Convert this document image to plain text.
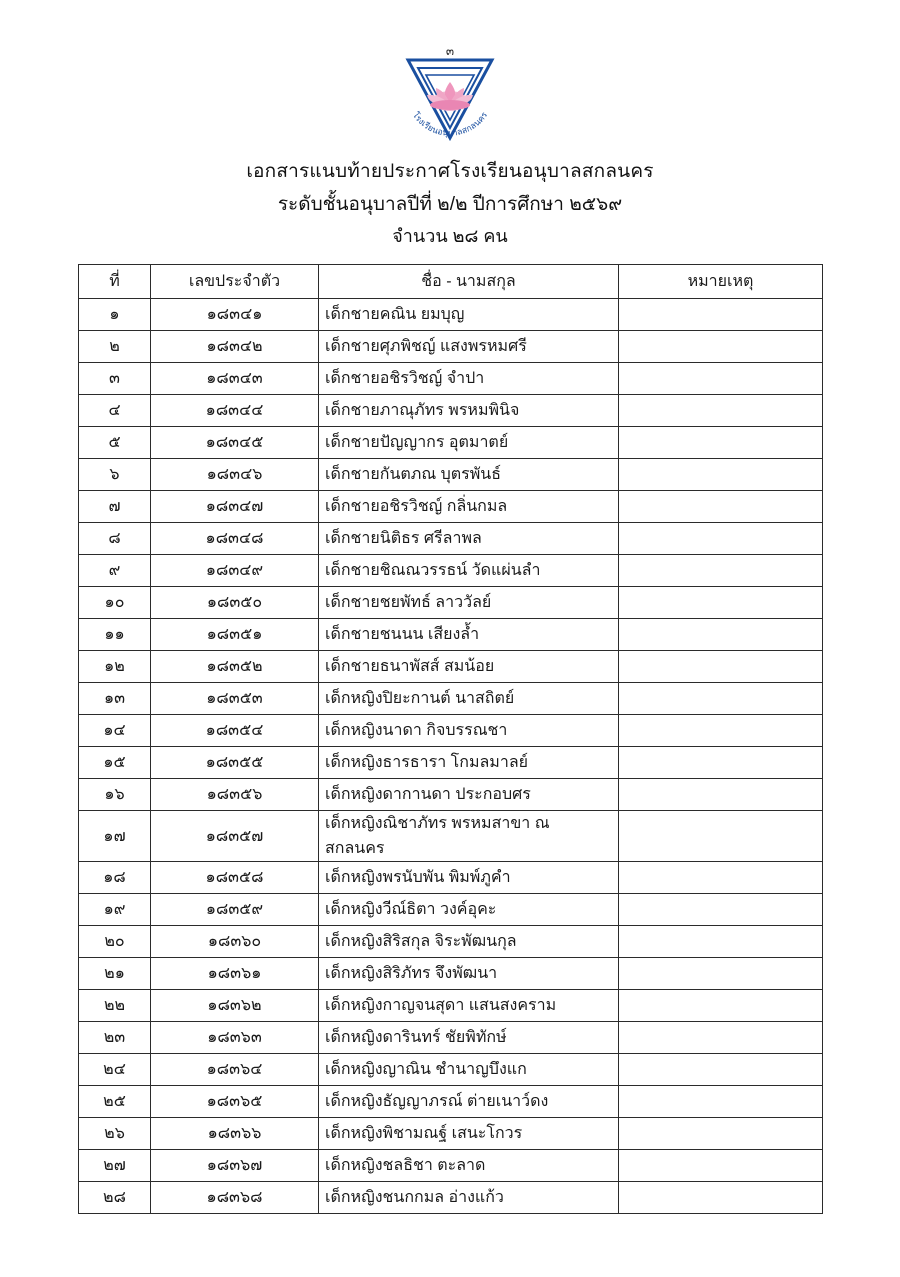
๓
โรงเรียนอนุบาลสกลนคร
เอกสารแนบท้ายประกาศโรงเรียนอนุบาลสกลนคร
ระดับชั้นอนุบาลปีที่ ๒/๒ ปีการศึกษา ๒๕๖๙
จำนวน ๒๘ คน
ที่	เลขประจำตัว	ชื่อ - นามสกุล	หมายเหตุ
๑	๑๘๓๔๑	เด็กชายคณิน ยมบุญ	
๒	๑๘๓๔๒	เด็กชายศุภพิชญ์ แสงพรหมศรี	
๓	๑๘๓๔๓	เด็กชายอชิรวิชญ์ จำปา	
๔	๑๘๓๔๔	เด็กชายภาณุภัทร พรหมพินิจ	
๕	๑๘๓๔๕	เด็กชายปัญญากร อุตมาตย์	
๖	๑๘๓๔๖	เด็กชายกันตภณ บุตรพันธ์	
๗	๑๘๓๔๗	เด็กชายอชิรวิชญ์ กลิ่นกมล	
๘	๑๘๓๔๘	เด็กชายนิติธร ศรีลาพล	
๙	๑๘๓๔๙	เด็กชายชิณณวรรธน์ วัดแผ่นลำ	
๑๐	๑๘๓๕๐	เด็กชายชยพัทธ์ ลาววัลย์	
๑๑	๑๘๓๕๑	เด็กชายชนนน เสียงล้ำ	
๑๒	๑๘๓๕๒	เด็กชายธนาพัสส์ สมน้อย	
๑๓	๑๘๓๕๓	เด็กหญิงปิยะกานต์ นาสถิตย์	
๑๔	๑๘๓๕๔	เด็กหญิงนาดา กิจบรรณชา	
๑๕	๑๘๓๕๕	เด็กหญิงธารธารา โกมลมาลย์	
๑๖	๑๘๓๕๖	เด็กหญิงดากานดา ประกอบศร	
๑๗	๑๘๓๕๗	เด็กหญิงณิชาภัทร พรหมสาขา ณ สกลนคร	
๑๘	๑๘๓๕๘	เด็กหญิงพรนับพัน พิมพ์ภูคำ	
๑๙	๑๘๓๕๙	เด็กหญิงวีณ์ธิตา วงค์อุคะ	
๒๐	๑๘๓๖๐	เด็กหญิงสิริสกุล จิระพัฒนกุล	
๒๑	๑๘๓๖๑	เด็กหญิงสิริภัทร จึงพัฒนา	
๒๒	๑๘๓๖๒	เด็กหญิงกาญจนสุดา แสนสงคราม	
๒๓	๑๘๓๖๓	เด็กหญิงดารินทร์ ชัยพิทักษ์	
๒๔	๑๘๓๖๔	เด็กหญิงญาณิน ชำนาญบึงแก	
๒๕	๑๘๓๖๕	เด็กหญิงธัญญาภรณ์ ต่ายเนาว์ดง	
๒๖	๑๘๓๖๖	เด็กหญิงพิชามณฐ์ เสนะโกวร	
๒๗	๑๘๓๖๗	เด็กหญิงชลธิชา ตะลาด	
๒๘	๑๘๓๖๘	เด็กหญิงชนกกมล อ่างแก้ว	
